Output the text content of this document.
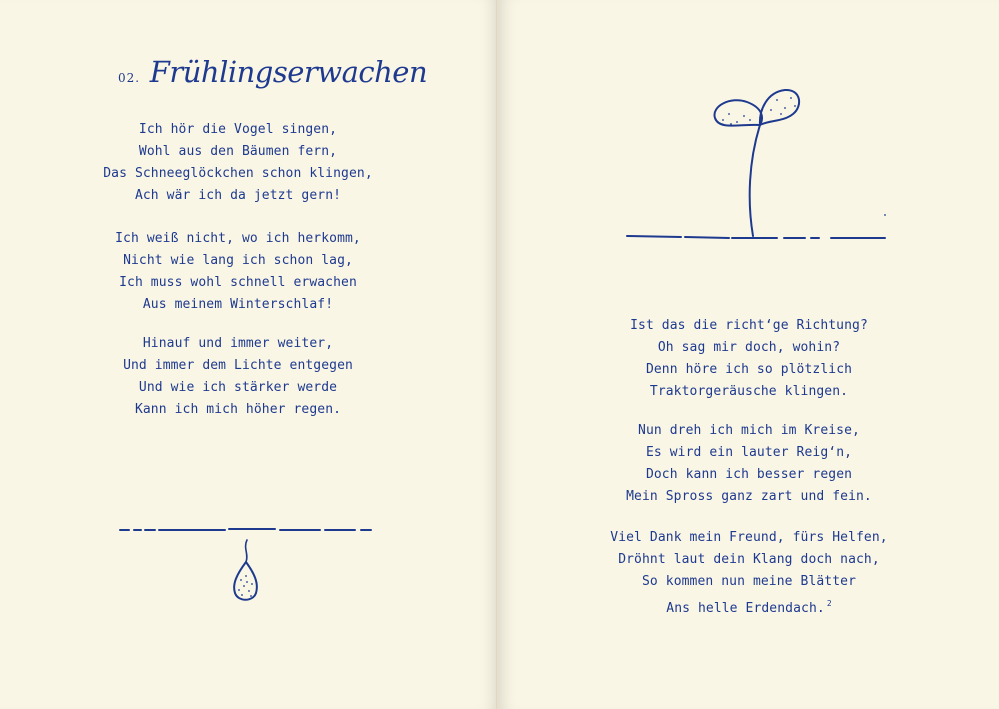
02. Frühlingserwachen
Ich hör die Vogel singen,
Wohl aus den Bäumen fern,
Das Schneeglöckchen schon klingen,
Ach wär ich da jetzt gern!
Ich weiß nicht, wo ich herkomm,
Nicht wie lang ich schon lag,
Ich muss wohl schnell erwachen
Aus meinem Winterschlaf!
Hinauf und immer weiter,
Und immer dem Lichte entgegen
Und wie ich stärker werde
Kann ich mich höher regen.
Ist das die richt‘ge Richtung?
Oh sag mir doch, wohin?
Denn höre ich so plötzlich
Traktorgeräusche klingen.
Nun dreh ich mich im Kreise,
Es wird ein lauter Reig‘n,
Doch kann ich besser regen
Mein Spross ganz zart und fein.
Viel Dank mein Freund, fürs Helfen,
Dröhnt laut dein Klang doch nach,
So kommen nun meine Blätter
Ans helle Erdendach. $^2$
